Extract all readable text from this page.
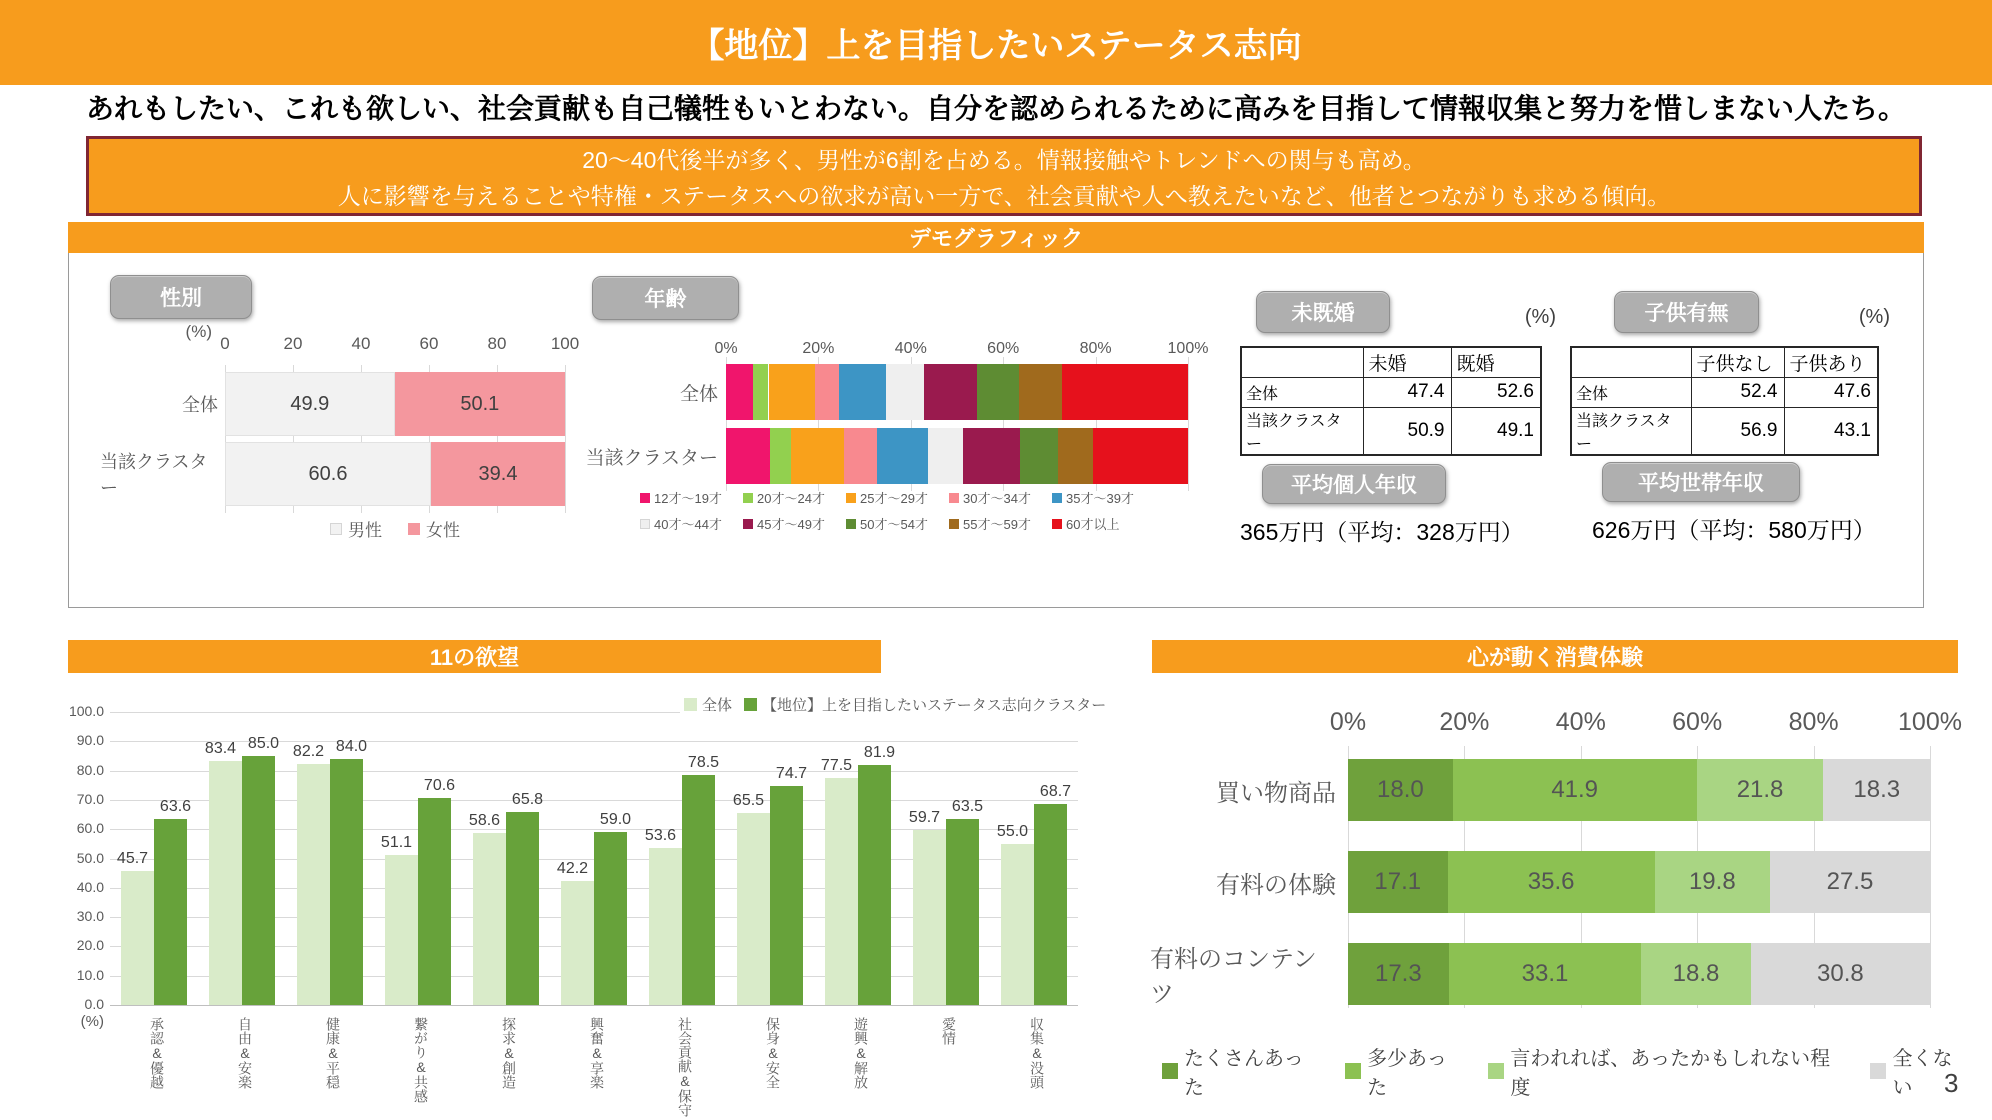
【地位】上を目指したいステータス志向
あれもしたい、これも欲しい、社会貢献も自己犠牲もいとわない。自分を認められるために高みを目指して情報収集と努力を惜しまない人たち。
20〜40代後半が多く、男性が6割を占める。情報接触やトレンドへの関与も高め。
人に影響を与えることや特権・ステータスへの欲求が高い一方で、社会貢献や人へ教えたいなど、他者とつながりも求める傾向。
デモグラフィック
性別	年齢
未既婚	子供有無
平均個人年収	平均世帯年収
(%)	(%)
(%)
0	20	40	60	80	100
全体	49.9	50.1
当該クラスター
60.6	39.4
男性	女性
0%	20%	40%	60%	80%	100%
全体
当該クラスター
12才〜19才	20才〜24才	25才〜29才	30才〜34才	35才〜39才
40才〜44才	45才〜49才	50才〜54才	55才〜59才	60才以上
	未婚	既婚
全体	47.4	52.6
当該クラスター	50.9	49.1
	子供なし	子供あり
全体	52.4	47.6
当該クラスター	56.9	43.1
365万円（平均：328万円）	626万円（平均：580万円）
11の欲望	心が動く消費体験
100.0
90.0
80.0
70.0
60.0
50.0
40.0
30.0
20.0
10.0
0.0
(%)
45.7
63.6
承認&優越
83.4 85.0
自由&安楽
82.2 84.0
健康&平穏
51.1
70.6
繋がり&共感
58.6
65.8
探求&創造
42.2
59.0
興奮&享楽
53.6
78.5
社会貢献&保守
65.5
74.7
保身&安全
77.5
81.9
遊興&解放
59.7
63.5
愛情
55.0
68.7
収集&没頭
全体 【地位】上を目指したいステータス志向クラスター
0%	20%	40%	60%	80%	100%
買い物商品	18.0	41.9	21.8	18.3
有料の体験	17.1	35.6	19.8	27.5
有料のコンテンツ
17.3	33.1	18.8	30.8
たくさんあった
多少あった
言われれば、あったかもしれない程度
全くない	3
